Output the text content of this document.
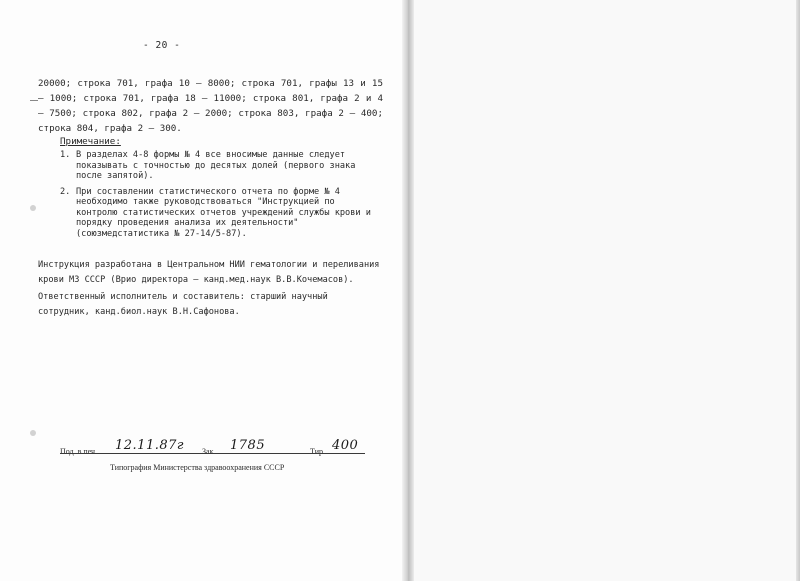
- 20 -

20000; строка 701, графа 10 – 8000; строка 701, графы 13 и 15 – 1000; строка 701, графа 18 – 11000; строка 801, графа 2 и 4 – 7500; строка 802, графа 2 – 2000; строка 803, графа 2 – 400; строка 804, графа 2 – 300.

Примечание:

1. В разделах 4-8 формы № 4 все вносимые данные следует показывать с точностью до десятых долей (первого знака после запятой).
2. При составлении статистического отчета по форме № 4 необходимо также руководствоваться "Инструкцией по контролю статистических отчетов учреждений службы крови и порядку проведения анализа их деятельности" (союзмедстатистика № 27-14/5-87).

Инструкция разработана в Центральном НИИ гематологии и переливания крови МЗ СССР (Врио директора – канд.мед.наук В.В.Кочемасов).

Ответственный исполнитель и составитель: старший научный сотрудник, канд.биол.наук В.Н.Сафонова.

Под. в печ. 12.11.87г Зак. 1785	Тир. 400

Типография Министерства здравоохранения СССР
